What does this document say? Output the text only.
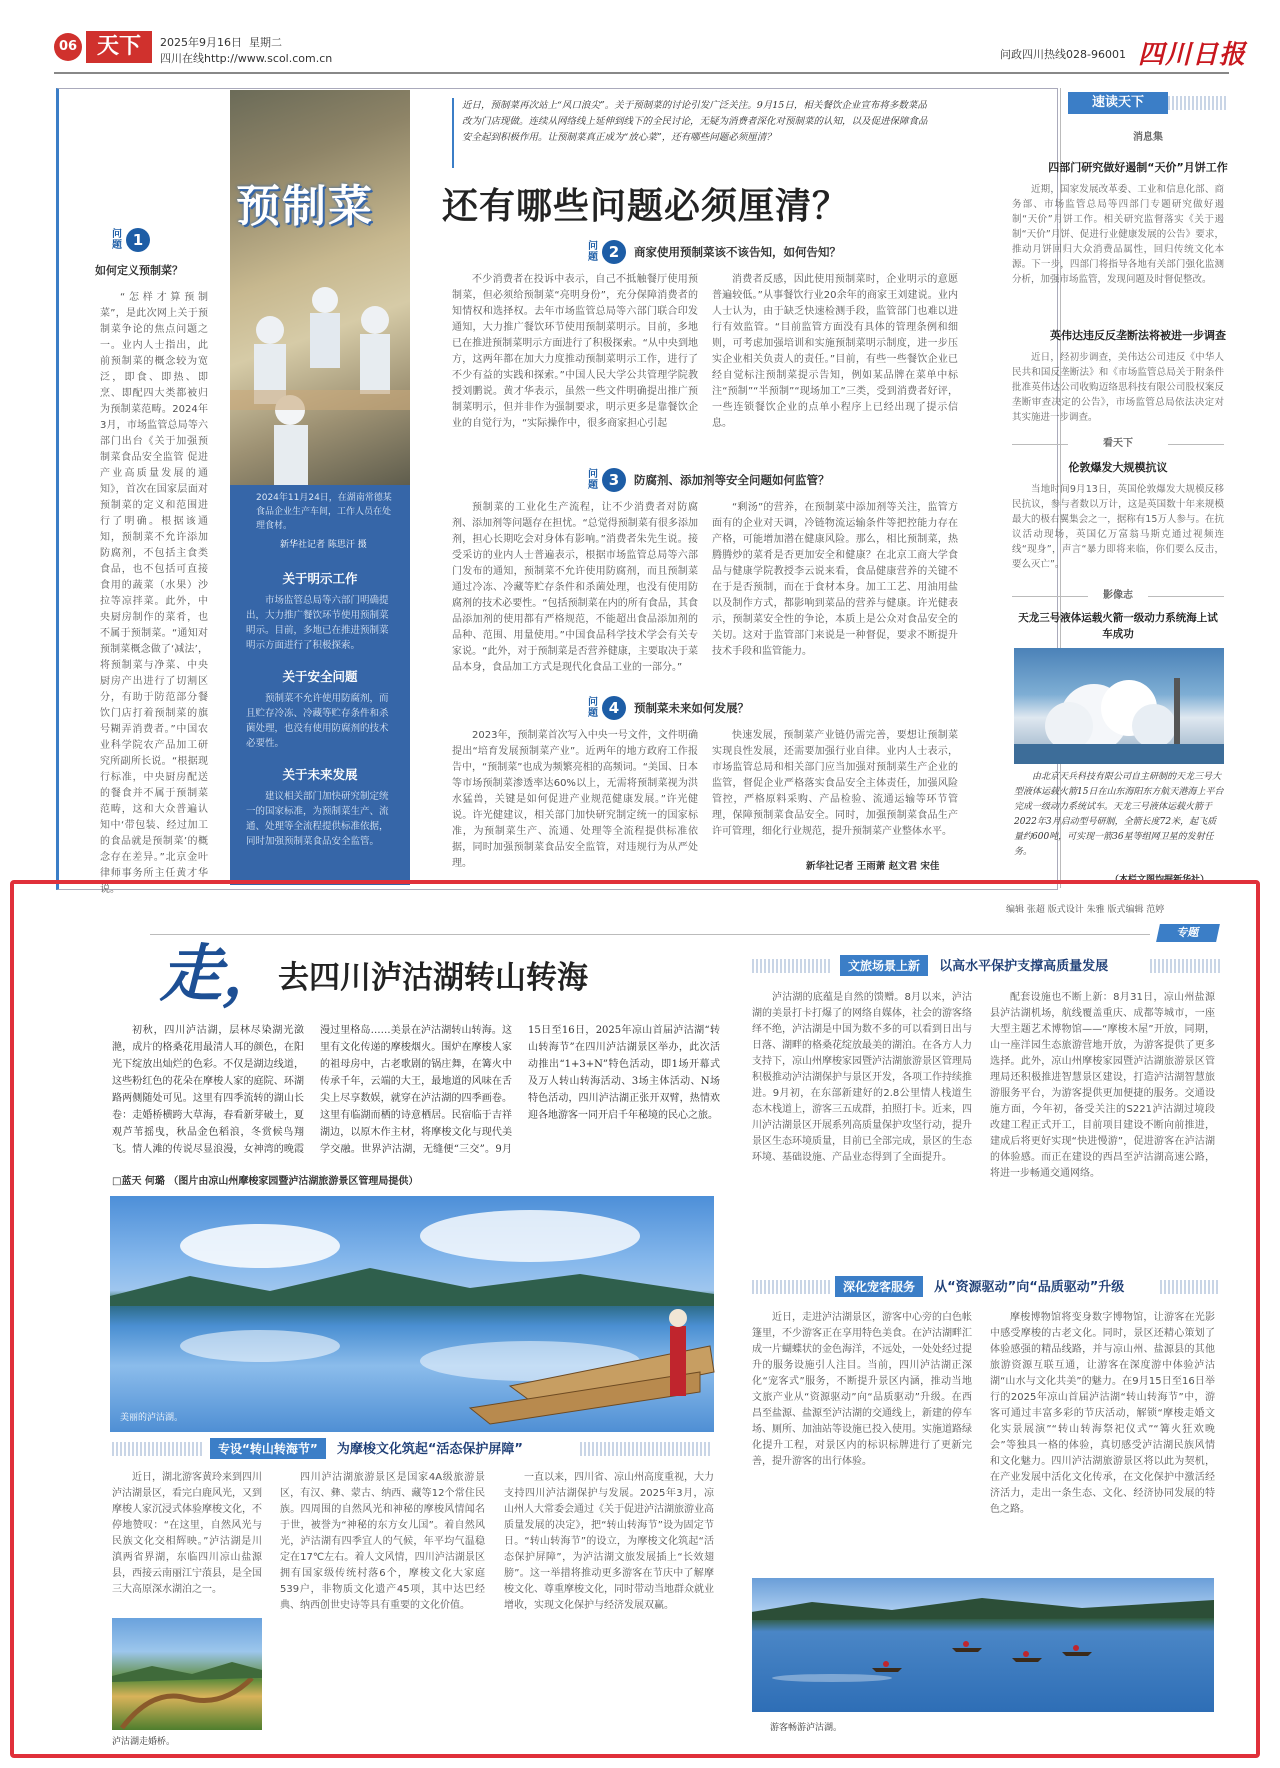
06 天下	2025年9月16日 星期二
四川在线http://www.scol.com.cn	问政四川热线028-96001 四川日报
问题 1
如何定义预制菜？

“怎样才算预制菜”，是此次网上关于预制菜争论的焦点问题之一。业内人士指出，此前预制菜的概念较为宽泛，即食、即热、即烹、即配四大类都被归为预制菜范畴。2024年3月，市场监管总局等六部门出台《关于加强预制菜食品安全监管 促进产业高质量发展的通知》，首次在国家层面对预制菜的定义和范围进行了明确。根据该通知，预制菜不允许添加防腐剂，不包括主食类食品，也不包括可直接食用的蔬菜（水果）沙拉等凉拌菜。此外，中央厨房制作的菜肴，也不属于预制菜。“通知对预制菜概念做了‘减法’，将预制菜与净菜、中央厨房产出进行了切割区分，有助于防范部分餐饮门店打着预制菜的旗号糊弄消费者。”中国农业科学院农产品加工研究所副所长说。“根据现行标准，中央厨房配送的餐食并不属于预制菜范畴，这和大众普遍认知中‘带包装、经过加工的食品就是预制菜’的概念存在差异。”北京金叶律师事务所主任黄才华说。

预制菜
2024年11月24日，在湖南常德某食品企业生产车间，工作人员在处理食材。
新华社记者 陈思汗 摄
关于明示工作
市场监管总局等六部门明确提出，大力推广餐饮环节使用预制菜明示。目前，多地已在推进预制菜明示方面进行了积极探索。
关于安全问题
预制菜不允许使用防腐剂，而且贮存冷冻、冷藏等贮存条件和杀菌处理，也没有使用防腐剂的技术必要性。
关于未来发展
建议相关部门加快研究制定统一的国家标准，为预制菜生产、流通、处理等全流程提供标准依据，同时加强预制菜食品安全监管。
近日，预制菜再次站上“风口浪尖”。关于预制菜的讨论引发广泛关注。9月15日，相关餐饮企业宣布将多数菜品改为门店现做。连续从网络线上延伸到线下的全民讨论，无疑为消费者深化对预制菜的认知，以及促进保障食品安全起到积极作用。让预制菜真正成为“放心菜”，还有哪些问题必须厘清？
还有哪些问题必须厘清？
问题 2 商家使用预制菜该不该告知，如何告知？

不少消费者在投诉中表示，自己不抵触餐厅使用预制菜，但必须给预制菜“亮明身份”，充分保障消费者的知情权和选择权。去年市场监管总局等六部门联合印发通知，大力推广餐饮环节使用预制菜明示。目前，多地已在推进预制菜明示方面进行了积极探索。“从中央到地方，这两年都在加大力度推动预制菜明示工作，进行了不少有益的实践和探索。”中国人民大学公共管理学院教授刘鹏说。黄才华表示，虽然一些文件明确提出推广预制菜明示，但并非作为强制要求，明示更多是靠餐饮企业的自觉行为，“实际操作中，很多商家担心引起

消费者反感，因此使用预制菜时，企业明示的意愿普遍较低。”从事餐饮行业20余年的商家王刘建说。业内人士认为，由于缺乏快速检测手段，监管部门也难以进行有效监管。“目前监管方面没有具体的管理条例和细则，可考虑加强培训和实施预制菜明示制度，进一步压实企业相关负责人的责任。”目前，有些一些餐饮企业已经自觉标注预制菜提示告知，例如某品牌在菜单中标注“预制”“半预制”“现场加工”三类，受到消费者好评，一些连锁餐饮企业的点单小程序上已经出现了提示信息。

问题 3 防腐剂、添加剂等安全问题如何监管？

预制菜的工业化生产流程，让不少消费者对防腐剂、添加剂等问题存在担忧。“总觉得预制菜有很多添加剂，担心长期吃会对身体有影响。”消费者朱先生说。接受采访的业内人士普遍表示，根据市场监管总局等六部门发布的通知，预制菜不允许使用防腐剂，而且预制菜通过冷冻、冷藏等贮存条件和杀菌处理，也没有使用防腐剂的技术必要性。“包括预制菜在内的所有食品，其食品添加剂的使用都有严格规范，不能超出食品添加剂的品种、范围、用量使用。”中国食品科学技术学会有关专家说。“此外，对于预制菜是否营养健康，主要取决于菜品本身，食品加工方式是现代化食品工业的一部分。”

“剩汤”的营养，在预制菜中添加剂等关注，监管方面有的企业对天调，冷链物流运输条件等把控能力存在产格，可能增加潜在健康风险。那么，相比预制菜，热腾腾炒的菜肴是否更加安全和健康？在北京工商大学食品与健康学院教授李云说来看，食品健康营养的关键不在于是否预制，而在于食材本身。加工工艺、用油用盐以及制作方式，都影响到菜品的营养与健康。许光健表示，预制菜安全性的争论，本质上是公众对食品安全的关切。这对于监管部门来说是一种督促，要求不断提升技术手段和监管能力。

问题 4 预制菜未来如何发展？

2023年，预制菜首次写入中央一号文件，文件明确提出“培育发展预制菜产业”。近两年的地方政府工作报告中，“预制菜”也成为频繁亮相的高频词。“美国、日本等市场预制菜渗透率达60%以上，无需将预制菜视为洪水猛兽，关键是如何促进产业规范健康发展。”许光健说。许光健建议，相关部门加快研究制定统一的国家标准，为预制菜生产、流通、处理等全流程提供标准依据，同时加强预制菜食品安全监管，对违规行为从严处理。

快速发展，预制菜产业链仍需完善，要想让预制菜实现良性发展，还需要加强行业自律。业内人士表示，市场监管总局和相关部门应当加强对预制菜生产企业的监管，督促企业严格落实食品安全主体责任，加强风险管控，严格原料采购、产品检验、流通运输等环节管理，保障预制菜食品安全。同时，加强预制菜食品生产许可管理，细化行业规范，提升预制菜产业整体水平。

新华社记者 王雨萧 赵文君 宋佳
速读天下
消息集
四部门研究做好遏制“天价”月饼工作
近期，国家发展改革委、工业和信息化部、商务部、市场监管总局等四部门专题研究做好遏制“天价”月饼工作。相关研究监督落实《关于遏制“天价”月饼、促进行业健康发展的公告》要求，推动月饼回归大众消费品属性，回归传统文化本源。下一步，四部门将指导各地有关部门强化监测分析，加强市场监管，发现问题及时督促整改。
英伟达违反反垄断法将被进一步调查
近日，经初步调查，美伟达公司违反《中华人民共和国反垄断法》和《市场监管总局关于附条件批准英伟达公司收购迈络思科技有限公司股权案反垄断审查决定的公告》，市场监管总局依法决定对其实施进一步调查。
看天下
伦敦爆发大规模抗议
当地时间9月13日，英国伦敦爆发大规模反移民抗议，参与者数以万计，这是英国数十年来规模最大的极右翼集会之一，据称有15万人参与。在抗议活动现场，英国亿万富翁马斯克通过视频连线“现身”，声言“暴力即将来临，你们要么反击，要么灭亡”。
影像志
天龙三号液体运载火箭一级动力系统海上试车成功
由北京天兵科技有限公司自主研制的天龙三号大型液体运载火箭15日在山东海阳东方航天港海上平台完成一级动力系统试车。天龙三号液体运载火箭于2022年3月启动型号研制，全箭长度72米，起飞质量约600吨，可实现一箭36星等组网卫星的发射任务。
（本栏文图均据新华社）
编辑 张超 版式设计 朱雅 版式编辑 范婷
专题
走，
去四川泸沽湖转山转海
初秋，四川泸沽湖，层林尽染湖光潋滟，成片的格桑花用最清人耳的颜色，在阳光下绽放出灿烂的色彩。不仅是湖边线道，这些粉红色的花朵在摩梭人家的庭院、环湖路两侧随处可见。这里有四季流转的湖山长卷：走婚桥横跨大草海，春看新芽破土，夏观芦苇摇曳，秋品金色稻浪，冬赏候鸟翔飞。情人滩的传说尽显浪漫，女神湾的晚霞漫过里格岛……美景在泸沽湖转山转海。这里有文化传递的摩梭烟火。围炉在摩梭人家的祖母房中，古老歌剧的锅庄舞，在篝火中传承千年，云端的大王，最地道的风味在舌尖上尽享数娱，就穿在泸沽湖的四季画卷。这里有临湖而栖的诗意栖居。民宿临于吉祥湖边，以原木作主材，将摩梭文化与现代美学交融。世界泸沽湖，无缝便“三交”。9月15日至16日，2025年凉山首届泸沽湖“转山转海节”在四川泸沽湖景区举办，此次活动推出“1+3+N”特色活动，即1场开幕式及万人转山转海活动、3场主体活动、N场特色活动，四川泸沽湖正张开双臂，热情欢迎各地游客一同开启千年秘境的民心之旅。
□蓝天 何璐 （图片由凉山州摩梭家园暨泸沽湖旅游景区管理局提供）
美丽的泸沽湖。
专设“转山转海节” 为摩梭文化筑起“活态保护屏障”

近日，湖北游客黄玲来到四川泸沽湖景区，看完白鹿风光，又到摩梭人家沉浸式体验摩梭文化，不停地赞叹：“在这里，自然风光与民族文化交相辉映。”泸沽湖是川滇两省界湖，东临四川凉山盐源县，西接云南丽江宁蒗县，是全国三大高原深水湖泊之一。

泸沽湖走婚桥。

四川泸沽湖旅游景区是国家4A级旅游景区，有汉、彝、蒙古、纳西、藏等12个常住民族。四周围的自然风光和神秘的摩梭风情闻名于世，被誉为“神秘的东方女儿国”。着自然风光，泸沽湖有四季宜人的气候，年平均气温稳定在17℃左右。着人文风情，四川泸沽湖景区拥有国家级传统村落6个，摩梭文化大家庭539户，非物质文化遗产45项，其中达巴经典、纳西创世史诗等具有重要的文化价值。

一直以来，四川省、凉山州高度重视，大力支持四川泸沽湖保护与发展。2025年3月，凉山州人大常委会通过《关于促进泸沽湖旅游业高质量发展的决定》，把“转山转海节”设为固定节日。“转山转海节”的设立，为摩梭文化筑起“活态保护屏障”，为泸沽湖文旅发展插上“长效翅膀”。这一举措将推动更多游客在节庆中了解摩梭文化、尊重摩梭文化，同时带动当地群众就业增收，实现文化保护与经济发展双赢。

文旅场景上新 以高水平保护支撑高质量发展

泸沽湖的底蕴是自然的馈赠。8月以来，泸沽湖的美景打卡打爆了的网络自媒体，社会的游客络绎不绝，泸沽湖是中国为数不多的可以看到日出与日落、湖畔的格桑花绽放最美的湖泊。在各方人力支持下，凉山州摩梭家园暨泸沽湖旅游景区管理局积极推动泸沽湖保护与景区开发，各项工作持续推进。9月初，在东部新建好的2.8公里情人栈道生态木栈道上，游客三五成群，拍照打卡。近来，四川泸沽湖景区开展系列高质量保护攻坚行动，提升景区生态环境质量，目前已全部完成，景区的生态环境、基础设施、产品业态得到了全面提升。

配套设施也不断上新：8月31日，凉山州盐源县泸沽湖机场，航线覆盖重庆、成都等城市，一座大型主题艺术博物馆——“摩梭木屋”开放，同期，山一座洋园生态旅游营地开放，为游客提供了更多选择。此外，凉山州摩梭家园暨泸沽湖旅游景区管理局还积极推进智慧景区建设，打造泸沽湖智慧旅游服务平台，为游客提供更加便捷的服务。交通设施方面，今年初，备受关注的S221泸沽湖过境段改建工程正式开工，目前项目建设不断向前推进，建成后将更好实现“快进慢游”，促进游客在泸沽湖的体验感。而正在建设的西昌至泸沽湖高速公路，将进一步畅通交通网络。

深化宠客服务 从“资源驱动”向“品质驱动”升级

近日，走进泸沽湖景区，游客中心旁的白色帐篷里，不少游客正在享用特色美食。在泸沽湖畔汇成一片蝴蝶状的金色海洋，不远处，一处处经过提升的服务设施引人注目。当前，四川泸沽湖正深化“宠客式”服务，不断提升景区内涵，推动当地文旅产业从“资源驱动”向“品质驱动”升级。在西昌至盐源、盐源至泸沽湖的交通线上，新建的停车场、厕所、加油站等设施已投入使用。实施道路绿化提升工程，对景区内的标识标牌进行了更新完善，提升游客的出行体验。

摩梭博物馆将变身数字博物馆，让游客在光影中感受摩梭的古老文化。同时，景区还精心策划了体验感强的精品线路，并与凉山州、盐源县的其他旅游资源互联互通，让游客在深度游中体验泸沽湖“山水与文化共美”的魅力。在9月15日至16日举行的2025年凉山首届泸沽湖“转山转海节”中，游客可通过丰富多彩的节庆活动，解锁“摩梭走婚文化实景展演”“转山转海祭祀仪式”“篝火狂欢晚会”等独具一格的体验，真切感受泸沽湖民族风情和文化魅力。四川泸沽湖旅游景区将以此为契机，在产业发展中活化文化传承，在文化保护中激活经济活力，走出一条生态、文化、经济协同发展的特色之路。

游客畅游泸沽湖。
